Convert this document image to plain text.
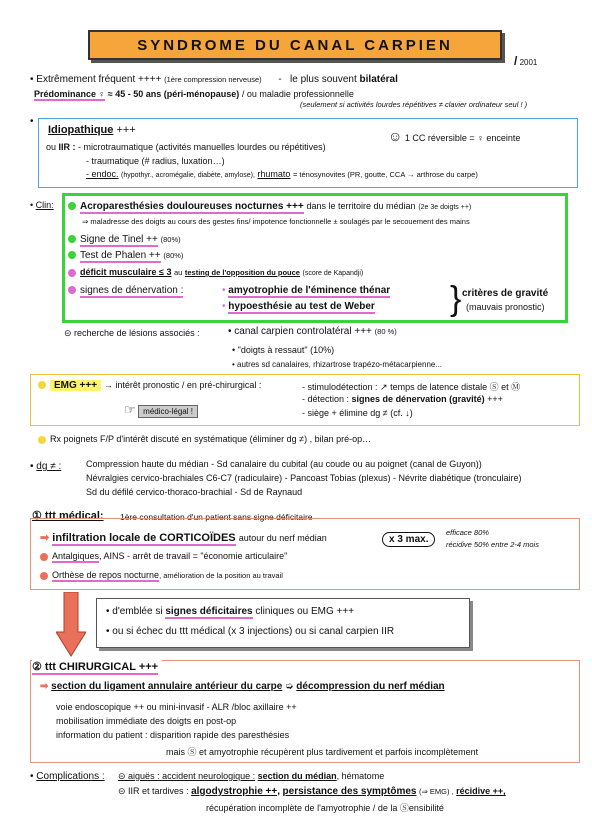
SYNDROME DU CANAL CARPIEN
/ 2001
• Extrêmement fréquent ++++ (1ère compression nerveuse) - le plus souvent bilatéral
Prédominance ♀ ≈ 45 - 50 ans (péri-ménopause) / ou maladie professionnelle
(seulement si activités lourdes répétitives ≠ clavier ordinateur seul ! )
•
Idiopathique +++	☺ 1 CC réversible = ♀ enceinte
ou IIR : - microtraumatique (activités manuelles lourdes ou répétitives)
- traumatique (# radius, luxation…)
- endoc. (hypothyr., acromégalie, diabète, amylose), rhumato = ténosynovites (PR, goutte, CCA → arthrose du carpe)
• Clin:	Acroparesthésies douloureuses nocturnes +++ dans le territoire du médian (2e 3e doigts ++)
⇒ maladresse des doigts au cours des gestes fins/ impotence fonctionnelle ± soulagés par le secouement des mains
Signe de Tinel ++ (80%)
Test de Phalen ++ (80%)
déficit musculaire ≤ 3 au testing de l'opposition du pouce (score de Kapandji)
signes de dénervation :	• amyotrophie de l'éminence thénar
• hypoesthésie au test de Weber } critères de gravité
(mauvais pronostic)
⊝ recherche de lésions associés :	• canal carpien controlatéral +++ (80 %)
• "doigts à ressaut" (10%)
• autres sd canalaires, rhizartrose trapézo-métacarpienne...
EMG +++ → intérêt pronostic / en pré-chirurgical :	- stimulodétection : ↗ temps de latence distale Ⓢ et Ⓜ
- détection : signes de dénervation (gravité) +++
- siège + élimine dg ≠ (cf. ↓)
☞ médico-légal !
Rx poignets F/P d'intérêt discuté en systématique (éliminer dg ≠) , bilan pré-op…
• dg ≠ :	Compression haute du médian - Sd canalaire du cubital (au coude ou au poignet (canal de Guyon))
Névralgies cervico-brachiales C6-C7 (radiculaire) - Pancoast Tobias (plexus) - Névrite diabétique (tronculaire)
Sd du défilé cervico-thoraco-brachial - Sd de Raynaud
① ttt médical: 1ère consultation d'un patient sans signe déficitaire
➡ infiltration locale de CORTICOÏDES autour du nerf médian	x 3 max.
efficace 80%
récidive 50% entre 2-4 mois
Antalgiques, AINS - arrêt de travail = "économie articulaire"
Orthèse de repos nocturne, amélioration de la position au travail
• d'emblée si signes déficitaires cliniques ou EMG +++
• ou si échec du ttt médical (x 3 injections) ou si canal carpien IIR
② ttt CHIRURGICAL +++
➡ section du ligament annulaire antérieur du carpe ➭ décompression du nerf médian
voie endoscopique ++ ou mini-invasif - ALR /bloc axillaire ++
mobilisation immédiate des doigts en post-op
information du patient : disparition rapide des paresthésies
mais Ⓢ et amyotrophie récupèrent plus tardivement et parfois incomplètement
• Complications : ⊝ aiguës : accident neurologique : section du médian, hématome
⊝ IIR et tardives : algodystrophie ++, persistance des symptômes (⇒ EMG) , récidive ++,
récupération incomplète de l'amyotrophie / de la Ⓢensibilité
